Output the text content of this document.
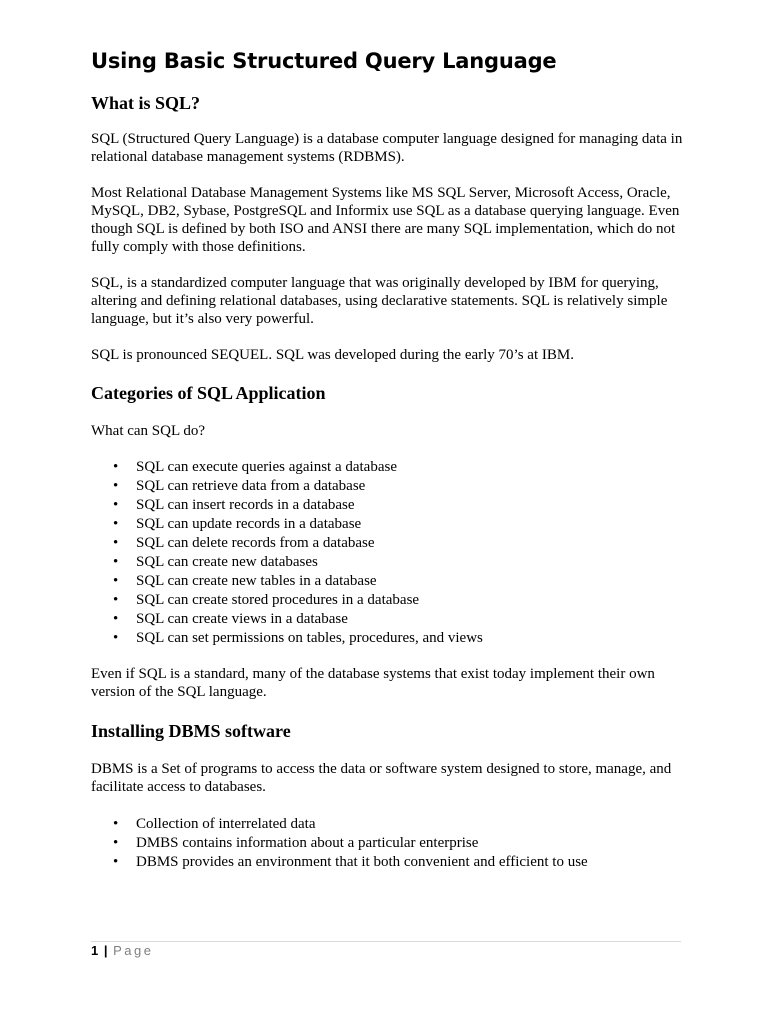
Using Basic Structured Query Language
What is SQL?

SQL (Structured Query Language) is a database computer language designed for managing data in relational database management systems (RDBMS).

Most Relational Database Management Systems like MS SQL Server, Microsoft Access, Oracle, MySQL, DB2, Sybase, PostgreSQL and Informix use SQL as a database querying language. Even though SQL is defined by both ISO and ANSI there are many SQL implementation, which do not fully comply with those definitions.

SQL, is a standardized computer language that was originally developed by IBM for querying, altering and defining relational databases, using declarative statements. SQL is relatively simple language, but it’s also very powerful.

SQL is pronounced SEQUEL. SQL was developed during the early 70’s at IBM.

Categories of SQL Application

What can SQL do?

• SQL can execute queries against a database
• SQL can retrieve data from a database
• SQL can insert records in a database
• SQL can update records in a database
• SQL can delete records from a database
• SQL can create new databases
• SQL can create new tables in a database
• SQL can create stored procedures in a database
• SQL can create views in a database
• SQL can set permissions on tables, procedures, and views

Even if SQL is a standard, many of the database systems that exist today implement their own version of the SQL language.

Installing DBMS software

DBMS is a Set of programs to access the data or software system designed to store, manage, and facilitate access to databases.

• Collection of interrelated data
• DMBS contains information about a particular enterprise
• DBMS provides an environment that it both convenient and efficient to use
1 | Page
